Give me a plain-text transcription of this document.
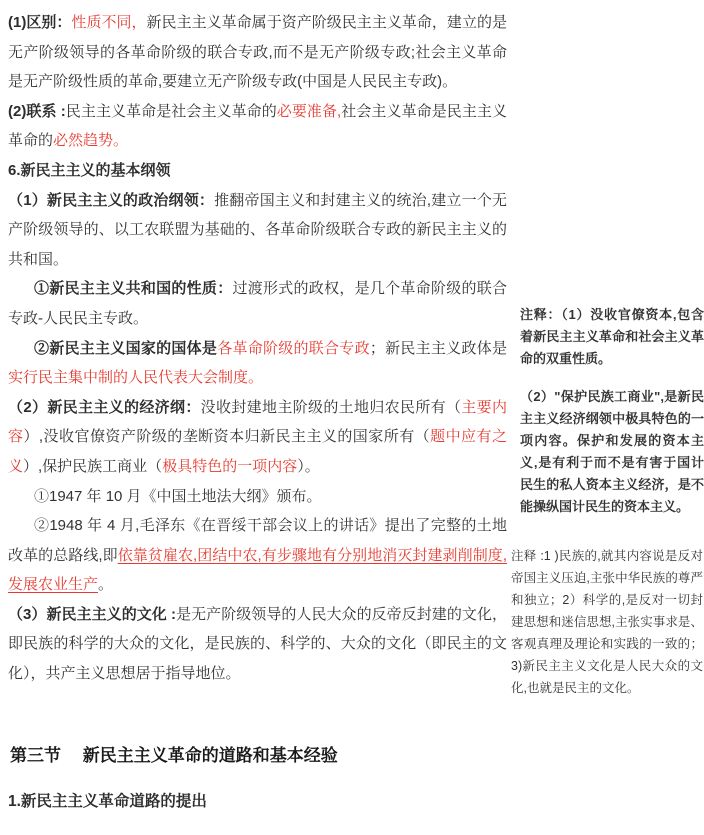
(1)区别：性质不同，新民主主义革命属于资产阶级民主主义革命，建立的是无产阶级领导的各革命阶级的联合专政,而不是无产阶级专政;社会主义革命是无产阶级性质的革命,要建立无产阶级专政(中国是人民民主专政)。

(2)联系 :民主主义革命是社会主义革命的必要准备,社会主义革命是民主主义革命的必然趋势。

6.新民主主义的基本纲领

（1）新民主主义的政治纲领：推翻帝国主义和封建主义的统治,建立一个无产阶级领导的、以工农联盟为基础的、各革命阶级联合专政的新民主主义的共和国。

①新民主主义共和国的性质：过渡形式的政权，是几个革命阶级的联合专政-人民民主专政。

②新民主主义国家的国体是各革命阶级的联合专政；新民主主义政体是实行民主集中制的人民代表大会制度。

（2）新民主主义的经济纲：没收封建地主阶级的土地归农民所有（主要内容）,没收官僚资产阶级的垄断资本归新民主主义的国家所有（题中应有之义）,保护民族工商业（极具特色的一项内容）。

①1947 年 10 月《中国土地法大纲》颁布。

②1948 年 4 月,毛泽东《在晋绥干部会议上的讲话》提出了完整的土地改革的总路线,即依靠贫雇农,团结中农,有步骤地有分别地消灭封建剥削制度,发展农业生产。

（3）新民主主义的文化 :是无产阶级领导的人民大众的反帝反封建的文化，即民族的科学的大众的文化，是民族的、科学的、大众的文化（即民主的文化），共产主义思想居于指导地位。

第三节　 新民主主义革命的道路和基本经验
1.新民主主义革命道路的提出

注释：（1）没收官僚资本,包含着新民主主义革命和社会主义革命的双重性质。

（2）"保护民族工商业",是新民主主义经济纲领中极具特色的一项内容。保护和发展的资本主义,是有利于而不是有害于国计民生的私人资本主义经济，是不能操纵国计民生的资本主义。

注释 :1 )民族的,就其内容说是反对帝国主义压迫,主张中华民族的尊严和独立；2）科学的,是反对一切封建思想和迷信思想,主张实事求是、客观真理及理论和实践的一致的；3)新民主主义文化是人民大众的文化,也就是民主的文化。
